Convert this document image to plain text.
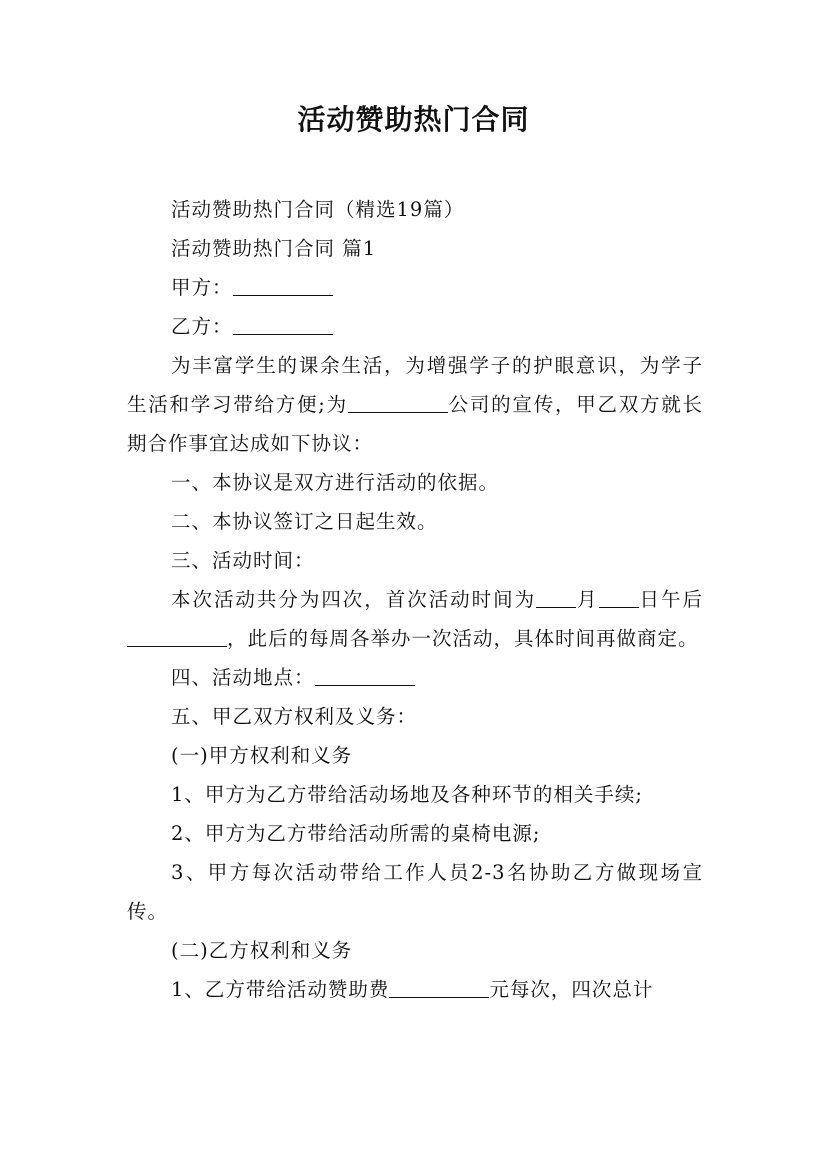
活动赞助热门合同

活动赞助热门合同（精选19篇）

活动赞助热门合同 篇1

甲方：

乙方：

为丰富学生的课余生活，为增强学子的护眼意识，为学子生活和学习带给方便;为	公司的宣传，甲乙双方就长期合作事宜达成如下协议：

一、本协议是双方进行活动的依据。

二、本协议签订之日起生效。

三、活动时间：

本次活动共分为四次，首次活动时间为 月 日午后，此后的每周各举办一次活动，具体时间再做商定。

四、活动地点：

五、甲乙双方权利及义务：

(一)甲方权利和义务

1、甲方为乙方带给活动场地及各种环节的相关手续;

2、甲方为乙方带给活动所需的桌椅电源;

3、甲方每次活动带给工作人员2-3名协助乙方做现场宣传。

(二)乙方权利和义务

1、乙方带给活动赞助费	元每次，四次总计
